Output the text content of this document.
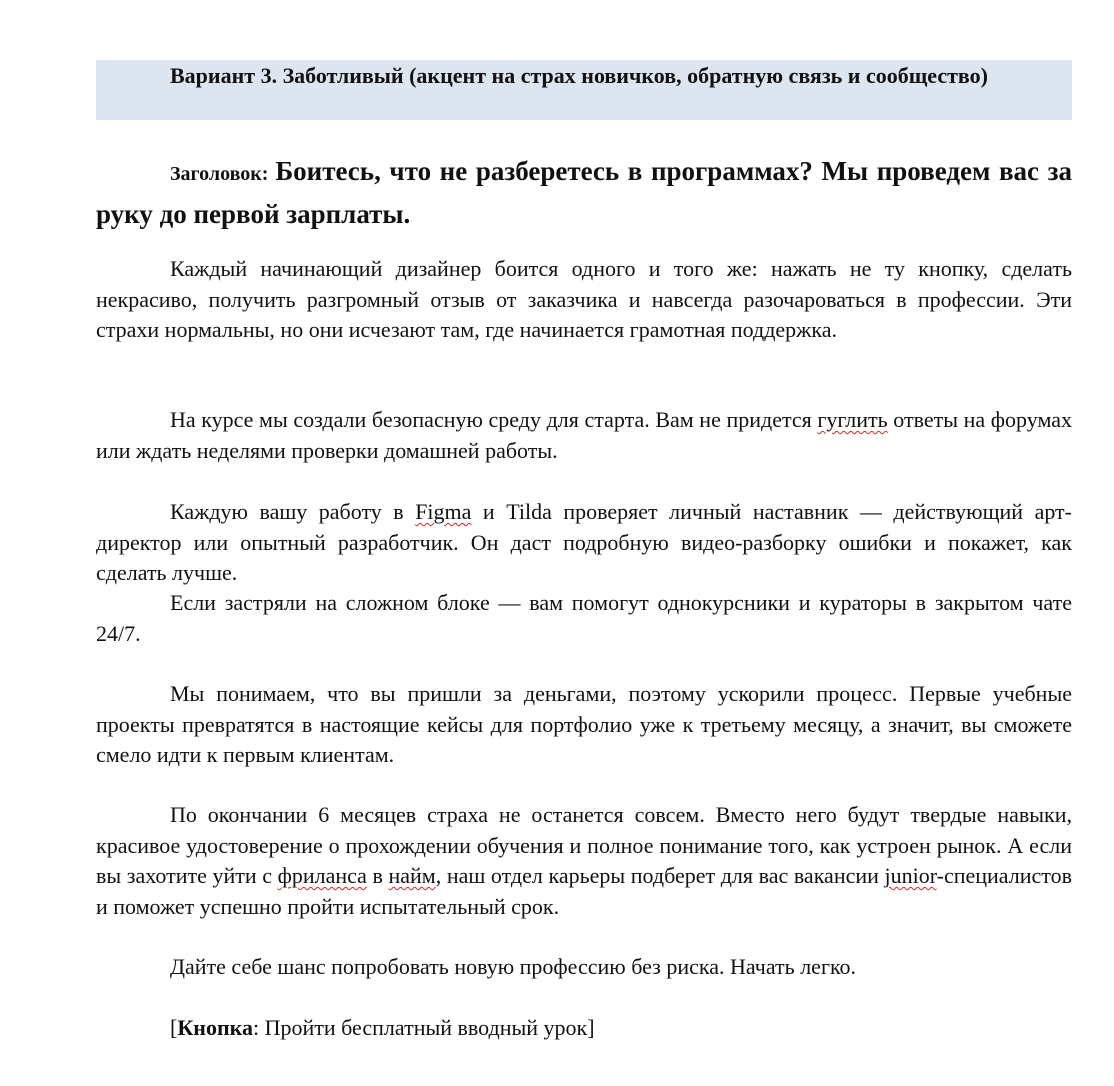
Вариант 3. Заботливый (акцент на страх новичков, обратную связь и сообщество)

Заголовок: Боитесь, что не разберетесь в программах? Мы проведем вас за руку до первой зарплаты.

Каждый начинающий дизайнер боится одного и того же: нажать не ту кнопку, сделать некрасиво, получить разгромный отзыв от заказчика и навсегда разочароваться в профессии. Эти страхи нормальны, но они исчезают там, где начинается грамотная поддержка.

На курсе мы создали безопасную среду для старта. Вам не придется гуглить ответы на форумах или ждать неделями проверки домашней работы.

Каждую вашу работу в Figma и Tilda проверяет личный наставник — действующий арт-директор или опытный разработчик. Он даст подробную видео-разборку ошибки и покажет, как сделать лучше.

Если застряли на сложном блоке — вам помогут однокурсники и кураторы в закрытом чате 24/7.

Мы понимаем, что вы пришли за деньгами, поэтому ускорили процесс. Первые учебные проекты превратятся в настоящие кейсы для портфолио уже к третьему месяцу, а значит, вы сможете смело идти к первым клиентам.

По окончании 6 месяцев страха не останется совсем. Вместо него будут твердые навыки, красивое удостоверение о прохождении обучения и полное понимание того, как устроен рынок. А если вы захотите уйти с фриланса в найм, наш отдел карьеры подберет для вас вакансии junior-специалистов и поможет успешно пройти испытательный срок.

Дайте себе шанс попробовать новую профессию без риска. Начать легко.

[Кнопка: Пройти бесплатный вводный урок]
